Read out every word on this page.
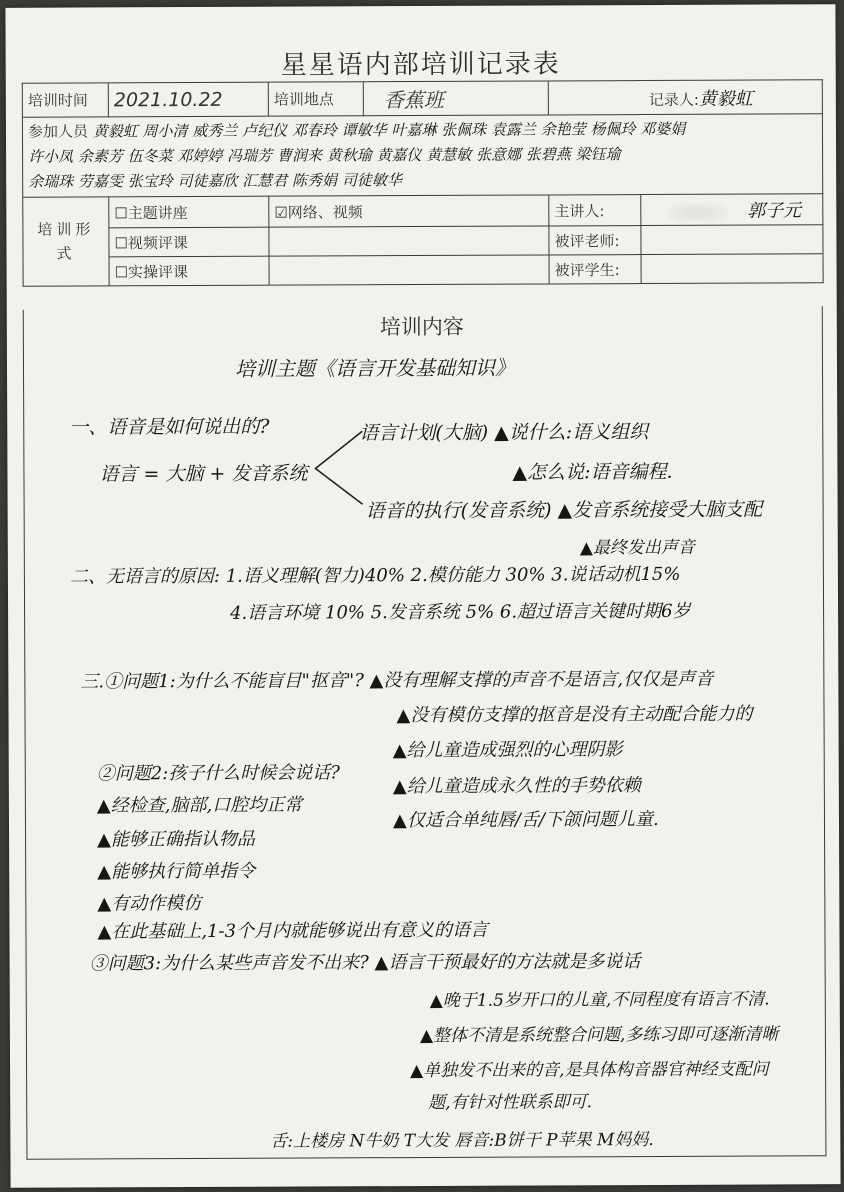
星星语内部培训记录表
培训时间	2021.10.22	培训地点	香蕉班	记录人:黄毅虹	
参加人员 黄毅虹 周小清 威秀兰 卢纪仪 邓春玲 谭敏华 叶嘉琳 张佩珠 袁露兰 余艳莹 杨佩玲 邓婆娟
许小凤 余素芳 伍冬菜 邓婷婷 冯瑞芳 曹润来 黄秋瑜 黄嘉仪 黄慧敏 张意娜 张碧燕 梁钰瑜
余瑞珠 劳嘉雯 张宝玲 司徒嘉欣 汇慧君 陈秀娟 司徒敏华					
培训形式	☐ 主题讲座	☑网络、视频		主讲人:	郭子元
☐ 视频评课			被评老师:	
☐ 实操评课			被评学生:	
培训内容
培训主题《语言开发基础知识》
一、语音是如何说出的?
语言 = 大脑 + 发音系统
语言计划(大脑) ▲说什么:语义组织
▲怎么说:语音编程.
语音的执行(发音系统) ▲发音系统接受大脑支配
▲最终发出声音
二、无语言的原因: 1.语义理解(智力)40% 2.模仿能力 30% 3.说话动机15%
4.语言环境 10% 5.发音系统 5% 6.超过语言关键时期6岁
三.①问题1:为什么不能盲目"抠音"? ▲没有理解支撑的声音不是语言,仅仅是声音
▲没有模仿支撑的抠音是没有主动配合能力的
▲给儿童造成强烈的心理阴影
②问题2:孩子什么时候会说话?
▲给儿童造成永久性的手势依赖
▲经检查,脑部,口腔均正常
▲仅适合单纯唇/舌/下颌问题儿童.
▲能够正确指认物品
▲能够执行简单指令
▲有动作模仿
▲在此基础上,1-3个月内就能够说出有意义的语言
③问题3:为什么某些声音发不出来? ▲语言干预最好的方法就是多说话
▲晚于1.5岁开口的儿童,不同程度有语言不清.
▲整体不清是系统整合问题,多练习即可逐渐清晰
▲单独发不出来的音,是具体构音器官神经支配问
题,有针对性联系即可.
舌:上楼房 N牛奶 T大发 唇音:B饼干 P苹果 M妈妈.
